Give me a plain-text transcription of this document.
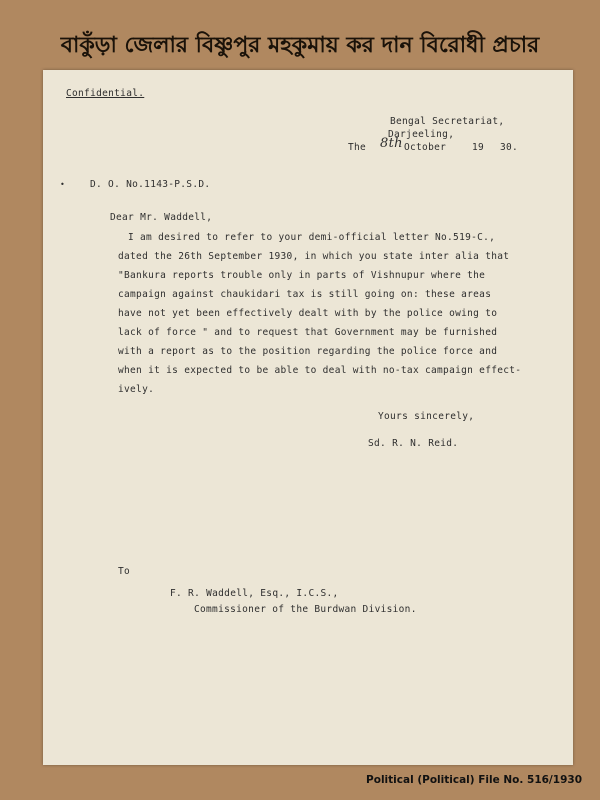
বাকুঁড়া জেলার বিষ্ণুপুর মহকুমায় কর দান বিরোধী প্রচার
Confidential.
Bengal Secretariat,
Darjeeling,
The 8th October	19 30.
•	D. O. No.1143-P.S.D.
Dear Mr. Waddell,
I am desired to refer to your demi-official letter No.519-C.,
dated the 26th September 1930, in which you state inter alia that
"Bankura reports trouble only in parts of Vishnupur where the
campaign against chaukidari tax is still going on: these areas
have not yet been effectively dealt with by the police owing to
lack of force " and to request that Government may be furnished
with a report as to the position regarding the police force and
when it is expected to be able to deal with no-tax campaign effect-
ively.
Yours sincerely,
Sd. R. N. Reid.
To
F. R. Waddell, Esq., I.C.S.,
Commissioner of the Burdwan Division.
Political (Political) File No. 516/1930
